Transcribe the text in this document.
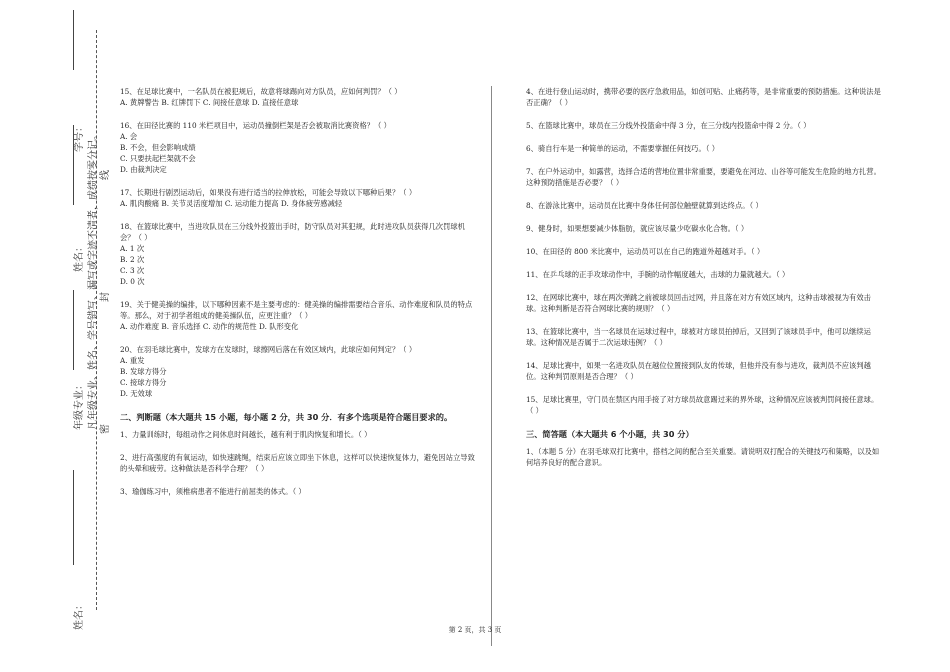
学号：
姓名：
年级专业：
姓名：
凡年级专业、姓名、学号错写、漏写或字迹不清者，成绩按零分记。 线
封
密

15、在足球比赛中，一名队员在被犯规后，故意将球踢向对方队员，应如何判罚？（ ）

A. 黄牌警告 B. 红牌罚下 C. 间接任意球 D. 直接任意球

16、在田径比赛的 110 米栏项目中，运动员撞倒栏架是否会被取消比赛资格？（ ）

A. 会

B. 不会，但会影响成绩

C. 只要扶起栏架就不会

D. 由裁判决定

17、长期进行剧烈运动后，如果没有进行适当的拉伸放松，可能会导致以下哪种后果？（ ）

A. 肌肉酸痛 B. 关节灵活度增加 C. 运动能力提高 D. 身体疲劳感减轻

18、在篮球比赛中，当进攻队员在三分线外投篮出手时，防守队员对其犯规，此时进攻队员获得几次罚球机会？（ ）

A. 1 次

B. 2 次

C. 3 次

D. 0 次

19、关于健美操的编排，以下哪种因素不是主要考虑的：健美操的编排需要结合音乐、动作难度和队员的特点等。那么，对于初学者组成的健美操队伍，应更注重？（ ）

A. 动作难度 B. 音乐选择 C. 动作的规范性 D. 队形变化

20、在羽毛球比赛中，发球方在发球时，球擦网后落在有效区域内，此球应如何判定？（ ）

A. 重发

B. 发球方得分

C. 接球方得分

D. 无效球

二、判断题（本大题共 15 小题，每小题 2 分，共 30 分．有多个选项是符合题目要求的。

1、力量训练时，每组动作之间休息时间越长，越有利于肌肉恢复和增长。（ ）

2、进行高强度的有氧运动，如快速跳绳，结束后应该立即坐下休息，这样可以快速恢复体力，避免因站立导致的头晕和疲劳。这种做法是否科学合理？（ ）

3、瑜伽练习中，须椎病患者不能进行前屈类的体式。（ ）

4、在进行登山运动时，携带必要的医疗急救用品，如创可贴、止痛药等，是非常重要的预防措施。这种说法是否正确？（ ）

5、在篮球比赛中，球员在三分线外投篮命中得 3 分，在三分线内投篮命中得 2 分。（ ）

6、骑自行车是一种简单的运动，不需要掌握任何技巧。（ ）

7、在户外运动中，如露营，选择合适的营地位置非常重要，要避免在河边、山谷等可能发生危险的地方扎营。这种预防措施是否必要？（ ）

8、在游泳比赛中，运动员在比赛中身体任何部位触壁就算到达终点。（ ）

9、健身时，如果想要减少体脂肪，就应该尽量少吃碳水化合物。（ ）

10、在田径的 800 米比赛中，运动员可以在自己的跑道外超越对手。（ ）

11、在乒乓球的正手攻球动作中，手腕的动作幅度越大，击球的力量就越大。（ ）

12、在网球比赛中，球在两次弹跳之前被球员回击过网，并且落在对方有效区域内，这种击球被视为有效击球。这种判断是否符合网球比赛的规则？（ ）

13、在篮球比赛中，当一名球员在运球过程中，球被对方球员拍掉后，又回到了该球员手中，他可以继续运球。这种情况是否属于二次运球违例？（ ）

14、足球比赛中，如果一名进攻队员在越位位置接到队友的传球，但他并没有参与进攻，裁判员不应该判越位。这种判罚原则是否合理？（ ）

15、足球比赛里，守门员在禁区内用手接了对方球员故意踢过来的界外球，这种情况应该被判罚间接任意球。（ ）

三、简答题（本大题共 6 个小题，共 30 分）

1、（本题 5 分）在羽毛球双打比赛中，搭档之间的配合至关重要。请说明双打配合的关键技巧和策略，以及如何培养良好的配合意识。

第 2 页，共 3 页
